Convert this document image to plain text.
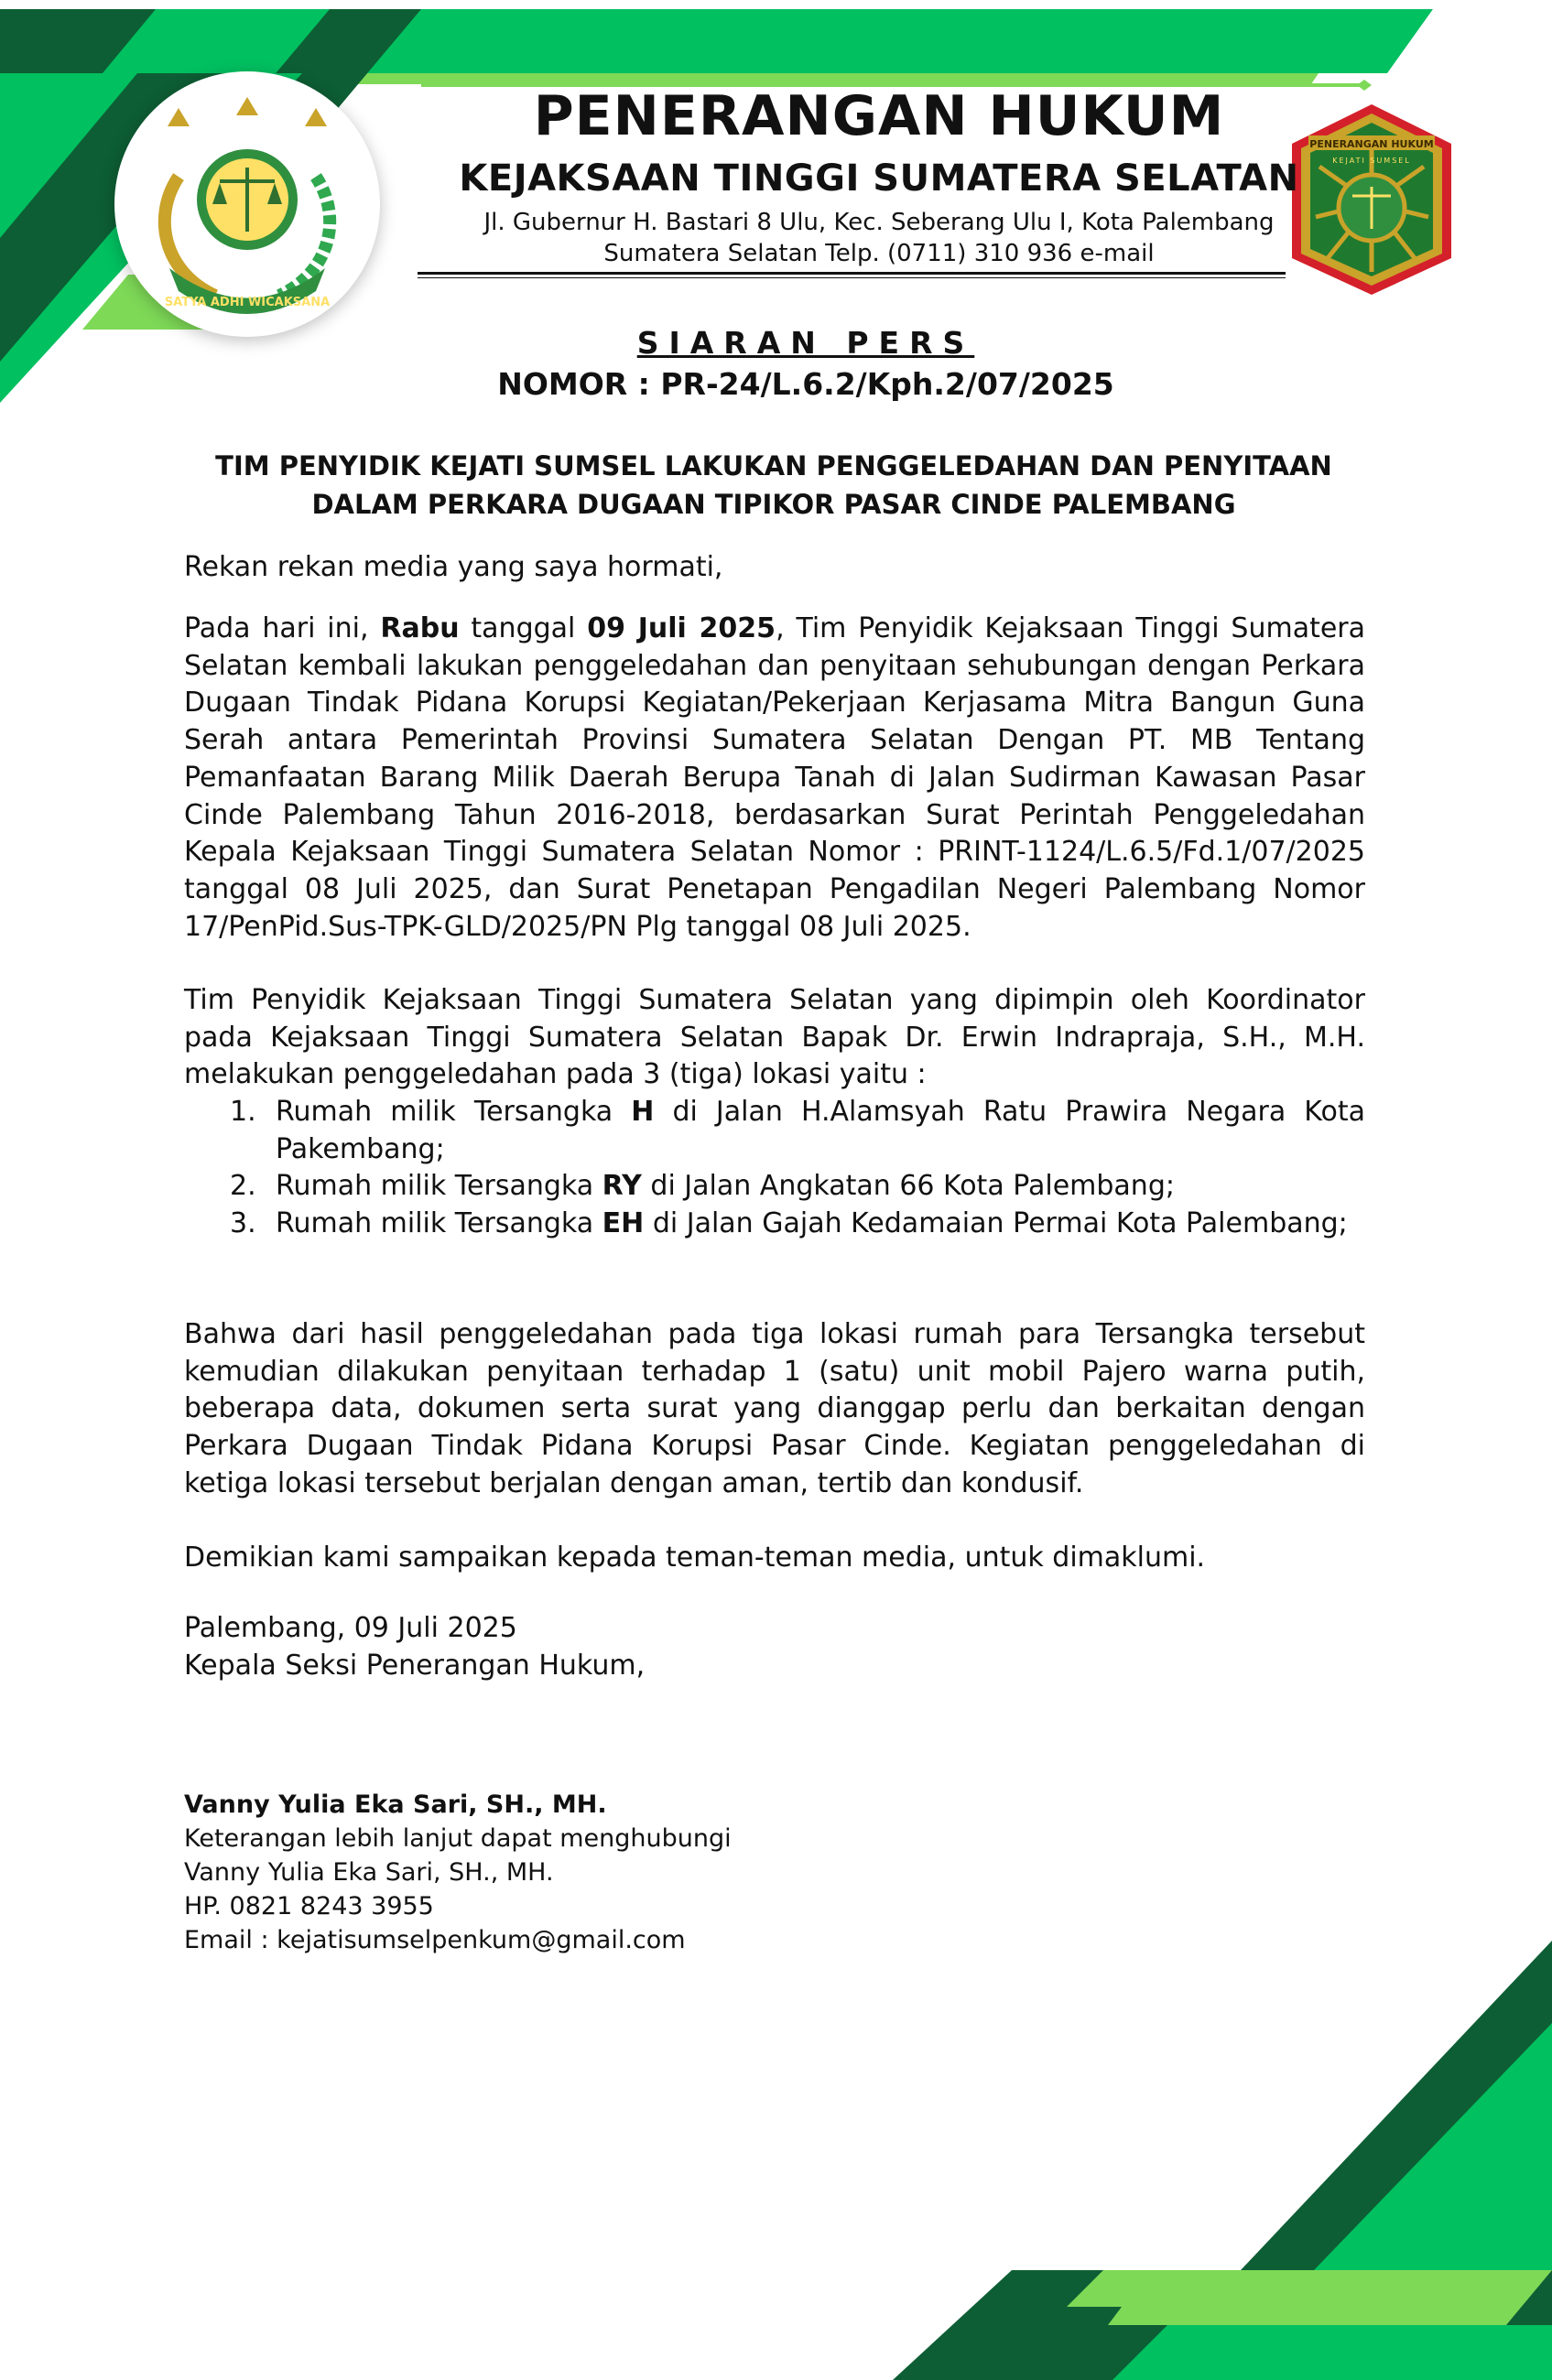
SATYA ADHI WICAKSANA
PENERANGAN HUKUM
KEJATI SUMSEL
PENERANGAN HUKUM
KEJAKSAAN TINGGI SUMATERA SELATAN
Jl. Gubernur H. Bastari 8 Ulu, Kec. Seberang Ulu I, Kota Palembang
Sumatera Selatan Telp. (0711) 310 936 e-mail
SIARAN PERS
NOMOR : PR-24/L.6.2/Kph.2/07/2025
TIM PENYIDIK KEJATI SUMSEL LAKUKAN PENGGELEDAHAN DAN PENYITAAN
DALAM PERKARA DUGAAN TIPIKOR PASAR CINDE PALEMBANG
Rekan rekan media yang saya hormati,
Pada hari ini, Rabu tanggal 09 Juli 2025, Tim Penyidik Kejaksaan Tinggi Sumatera Selatan kembali lakukan penggeledahan dan penyitaan sehubungan dengan Perkara Dugaan Tindak Pidana Korupsi Kegiatan/Pekerjaan Kerjasama Mitra Bangun Guna Serah antara Pemerintah Provinsi Sumatera Selatan Dengan PT. MB Tentang Pemanfaatan Barang Milik Daerah Berupa Tanah di Jalan Sudirman Kawasan Pasar Cinde Palembang Tahun 2016-2018, berdasarkan Surat Perintah Penggeledahan Kepala Kejaksaan Tinggi Sumatera Selatan Nomor : PRINT-1124/L.6.5/Fd.1/07/2025 tanggal 08 Juli 2025, dan Surat Penetapan Pengadilan Negeri Palembang Nomor 17/PenPid.Sus-TPK-GLD/2025/PN Plg tanggal 08 Juli 2025.
Tim Penyidik Kejaksaan Tinggi Sumatera Selatan yang dipimpin oleh Koordinator pada Kejaksaan Tinggi Sumatera Selatan Bapak Dr. Erwin Indrapraja, S.H., M.H. melakukan penggeledahan pada 3 (tiga) lokasi yaitu :
1. Rumah milik Tersangka H di Jalan H.Alamsyah Ratu Prawira Negara Kota Pakembang;
2. Rumah milik Tersangka RY di Jalan Angkatan 66 Kota Palembang;
3. Rumah milik Tersangka EH di Jalan Gajah Kedamaian Permai Kota Palembang;
Bahwa dari hasil penggeledahan pada tiga lokasi rumah para Tersangka tersebut kemudian dilakukan penyitaan terhadap 1 (satu) unit mobil Pajero warna putih, beberapa data, dokumen serta surat yang dianggap perlu dan berkaitan dengan Perkara Dugaan Tindak Pidana Korupsi Pasar Cinde. Kegiatan penggeledahan di ketiga lokasi tersebut berjalan dengan aman, tertib dan kondusif.
Demikian kami sampaikan kepada teman-teman media, untuk dimaklumi.
Palembang, 09 Juli 2025
Kepala Seksi Penerangan Hukum,
Vanny Yulia Eka Sari, SH., MH.
Keterangan lebih lanjut dapat menghubungi
Vanny Yulia Eka Sari, SH., MH.
HP. 0821 8243 3955
Email : kejatisumselpenkum@gmail.com
